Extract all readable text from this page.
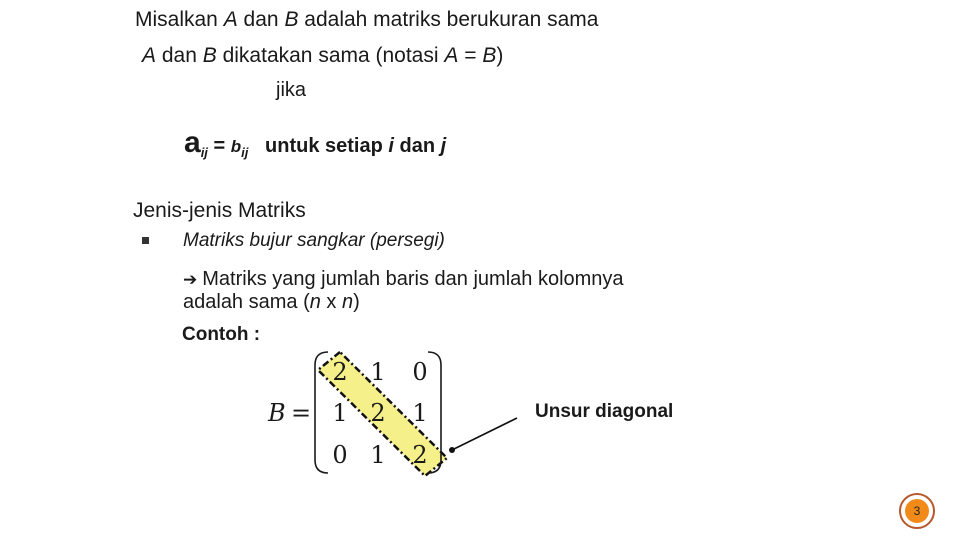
Misalkan A dan B adalah matriks berukuran sama
A dan B dikatakan sama (notasi A = B)
jika
$a_{ij} = b_{ij}$   untuk setiap i dan j
Jenis-jenis Matriks
Matriks bujur sangkar (persegi)
➔ Matriks yang jumlah baris dan jumlah kolomnya
adalah sama (n x n)
Contoh :
B =
2 1 0
1 2 1
0 1 2
Unsur diagonal
3
